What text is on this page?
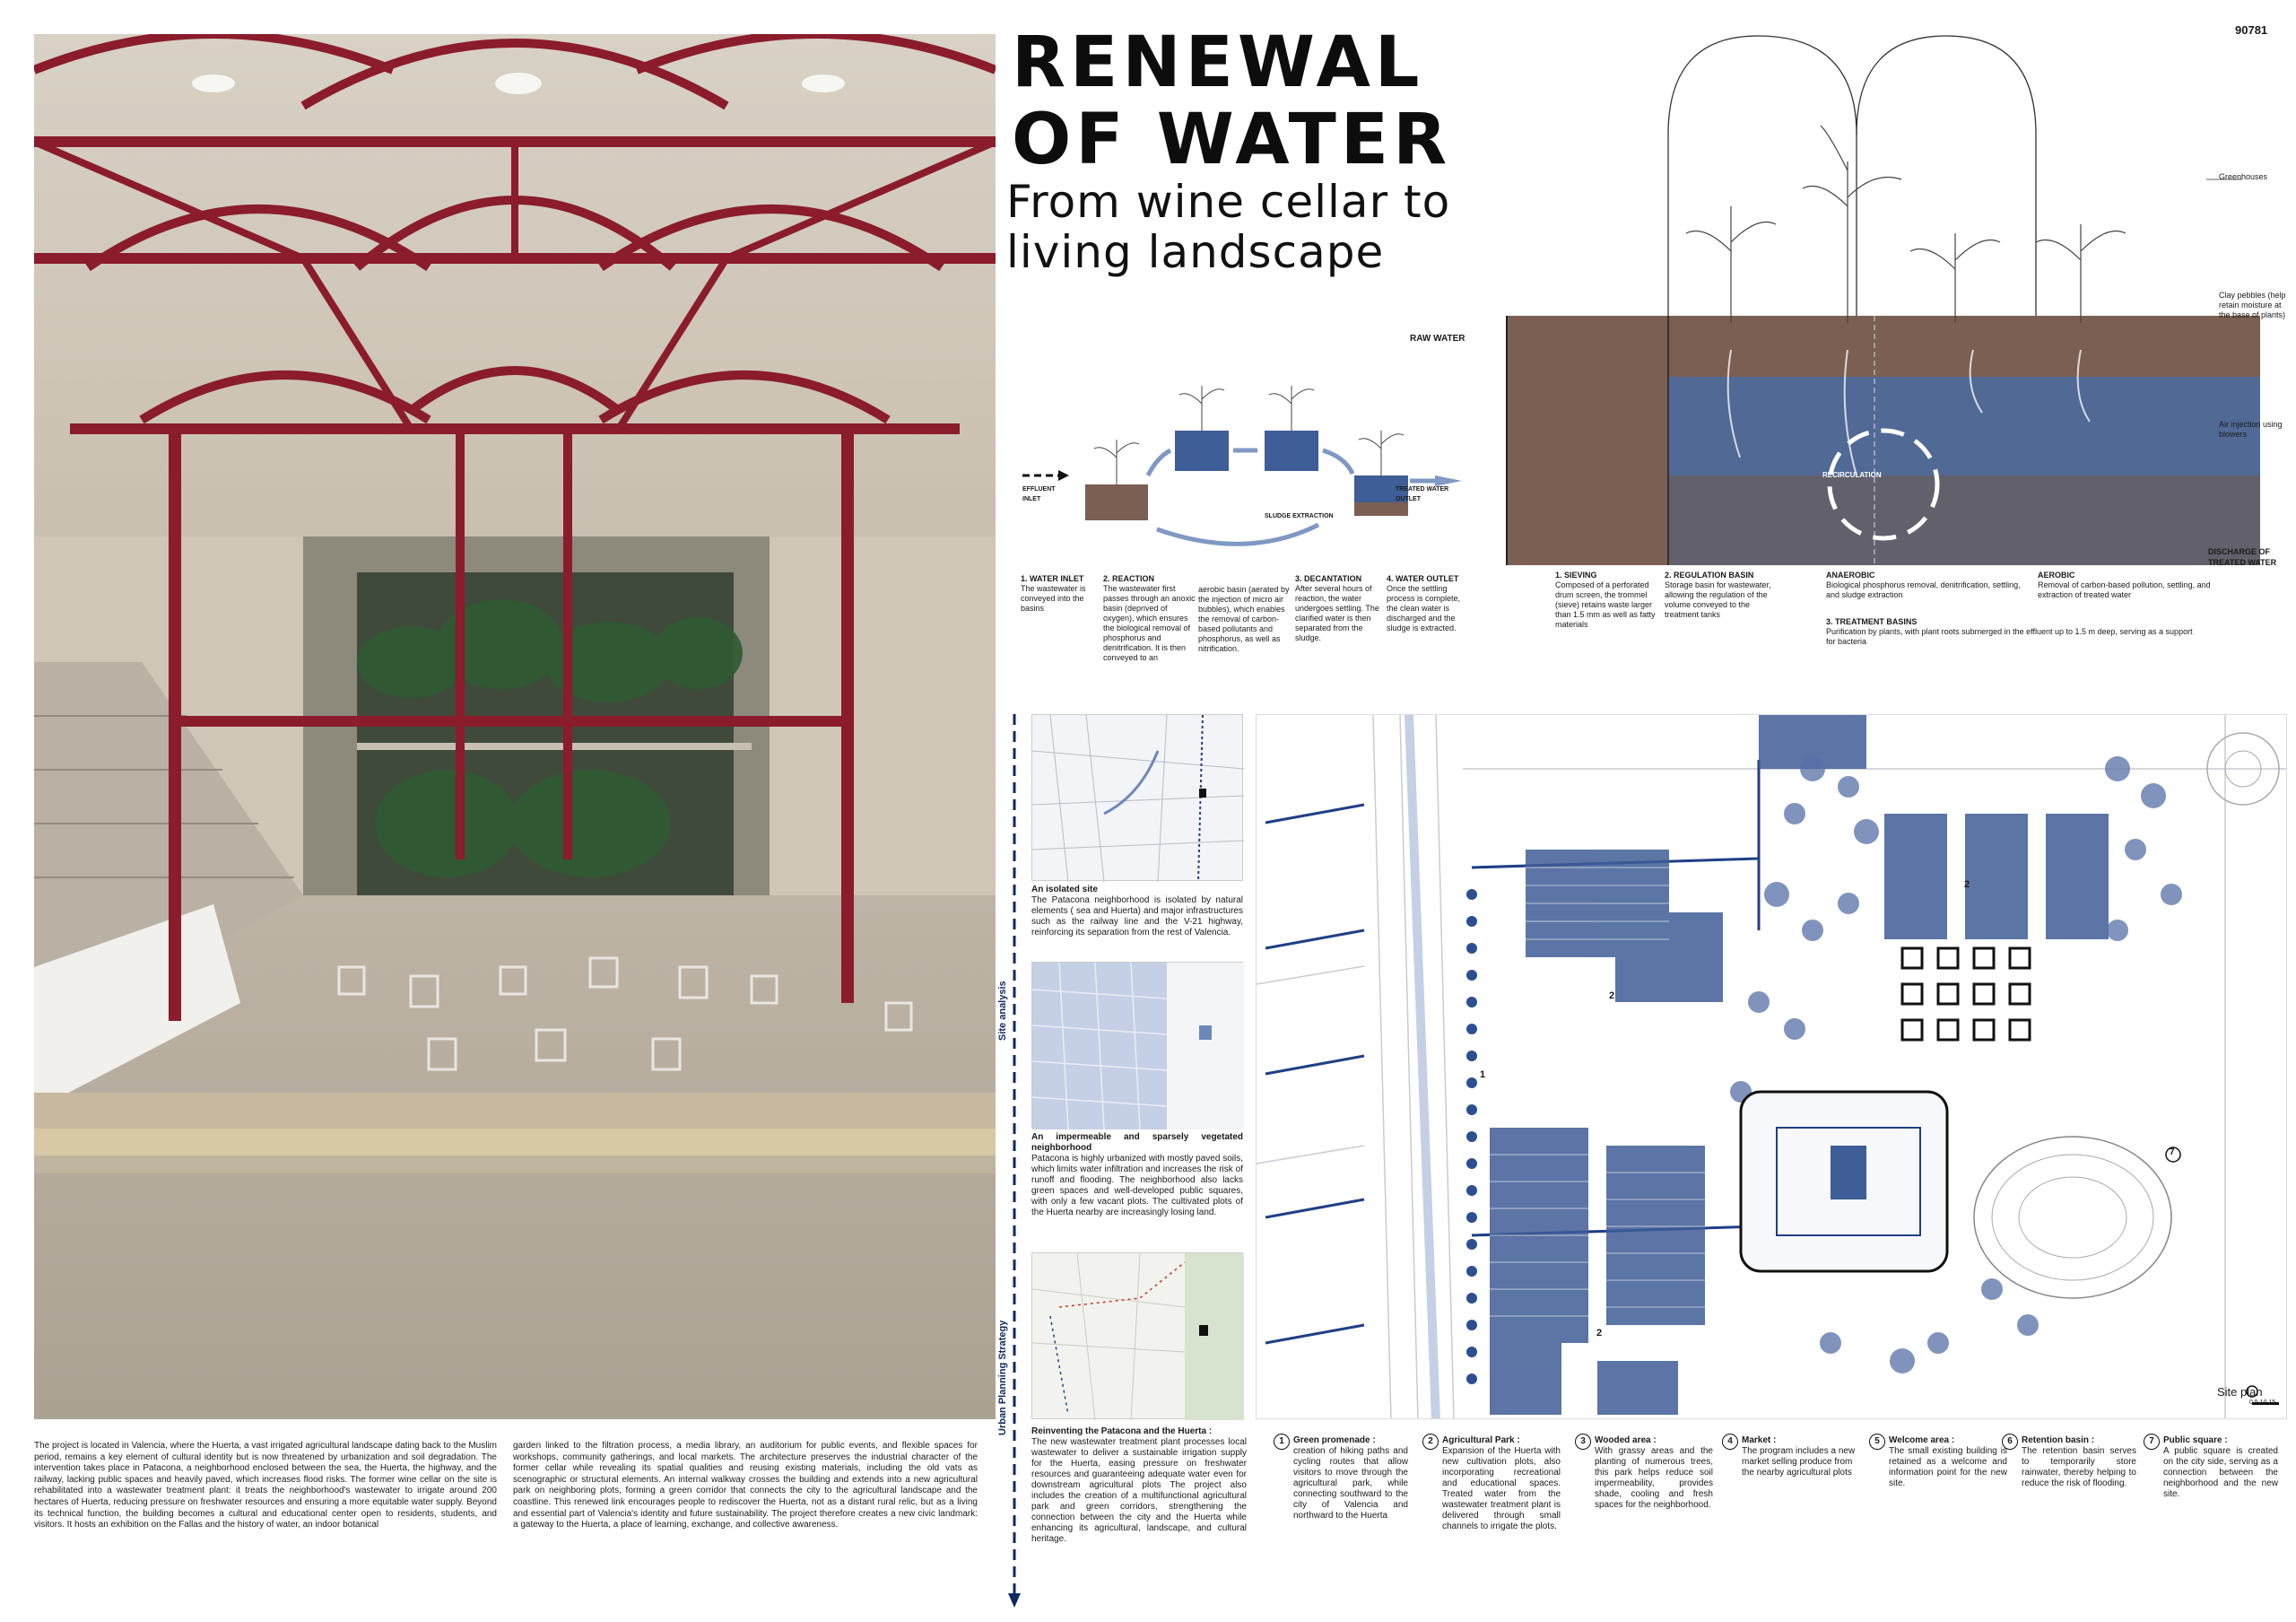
90781
RENEWAL
OF WATER
From wine cellar to
living landscape
RAW WATER
Greenhouses
Clay pebbles (help retain moisture at the base of plants)
Air injection using blowers
RECIRCULATION
DISCHARGE OF
TREATED WATER
1. SIEVING
Composed of a perforated drum screen, the trommel (sieve) retains waste larger than 1.5 mm as well as fatty materials
2. REGULATION BASIN
Storage basin for wastewater, allowing the regulation of the volume conveyed to the treatment tanks
ANAEROBIC
Biological phosphorus removal, denitrification, settling, and sludge extraction
AEROBIC
Removal of carbon-based pollution, settling, and extraction of treated water
3. TREATMENT BASINS
Purification by plants, with plant roots submerged in the effluent up to 1.5 m deep, serving as a support for bacteria
EFFLUENT INLET
TREATED WATER OUTLET
SLUDGE EXTRACTION
1. WATER INLET
The wastewater is conveyed into the basins
2. REACTION
The wastewater first passes through an anoxic basin (deprived of oxygen), which ensures the biological removal of phosphorus and denitrification. It is then conveyed to an
aerobic basin (aerated by the injection of micro air bubbles), which enables the removal of carbon-based pollutants and phosphorus, as well as nitrification.
3. DECANTATION
After several hours of reaction, the water undergoes settling. The clarified water is then separated from the sludge.
4. WATER OUTLET
Once the settling process is complete, the clean water is discharged and the sludge is extracted.
Site analysis
Urban Planning Strategy
An isolated site
The Patacona neighborhood is isolated by natural elements ( sea and Huerta) and major infrastructures such as the railway line and the V-21 highway, reinforcing its separation from the rest of Valencia.
An impermeable and sparsely vegetated neighborhood
Patacona is highly urbanized with mostly paved soils, which limits water infiltration and increases the risk of runoff and flooding. The neighborhood also lacks green spaces and well-developed public squares, with only a few vacant plots. The cultivated plots of the Huerta nearby are increasingly losing land.
Reinventing the Patacona and the Huerta :
The new wastewater treatment plant processes local wastewater to deliver a sustainable irrigation supply for the Huerta, easing pressure on freshwater resources and guaranteeing adequate water even for downstream agricultural plots The project also includes the creation of a multifunctional agricultural park and green corridors, strengthening the connection between the city and the Huerta while enhancing its agricultural, landscape, and cultural heritage.
1
2
2
2
7
Site plan
0 5 10 15
The project is located in Valencia, where the Huerta, a vast irrigated agricultural landscape dating back to the Muslim period, remains a key element of cultural identity but is now threatened by urbanization and soil degradation. The intervention takes place in Patacona, a neighborhood enclosed between the sea, the Huerta, the highway, and the railway, lacking public spaces and heavily paved, which increases flood risks. The former wine cellar on the site is rehabilitated into a wastewater treatment plant: it treats the neighborhood's wastewater to irrigate around 200 hectares of Huerta, reducing pressure on freshwater resources and ensuring a more equitable water supply. Beyond its technical function, the building becomes a cultural and educational center open to residents, students, and visitors. It hosts an exhibition on the Fallas and the history of water, an indoor botanical
garden linked to the filtration process, a media library, an auditorium for public events, and flexible spaces for workshops, community gatherings, and local markets. The architecture preserves the industrial character of the former cellar while revealing its spatial qualities and reusing existing materials, including the old vats as scenographic or structural elements. An internal walkway crosses the building and extends into a new agricultural park on neighboring plots, forming a green corridor that connects the city to the agricultural landscape and the coastline. This renewed link encourages people to rediscover the Huerta, not as a distant rural relic, but as a living and essential part of Valencia's identity and future sustainability. The project therefore creates a new civic landmark: a gateway to the Huerta, a place of learning, exchange, and collective awareness.
1	Green promenade :
creation of hiking paths and cycling routes that allow visitors to move through the agricultural park, while connecting southward to the city of Valencia and northward to the Huerta
2	Agricultural Park :
Expansion of the Huerta with new cultivation plots, also incorporating recreational and educational spaces. Treated water from the wastewater treatment plant is delivered through small channels to irrigate the plots.
3	Wooded area :
With grassy areas and the planting of numerous trees, this park helps reduce soil impermeability, provides shade, cooling and fresh spaces for the neighborhood.
4	Market :
The program includes a new market selling produce from the nearby agricultural plots
5	Welcome area :
The small existing building is retained as a welcome and information point for the new site.
6	Retention basin :
The retention basin serves to temporarily store rainwater, thereby helping to reduce the risk of flooding.
7	Public square :
A public square is created on the city side, serving as a connection between the neighborhood and the new site.
